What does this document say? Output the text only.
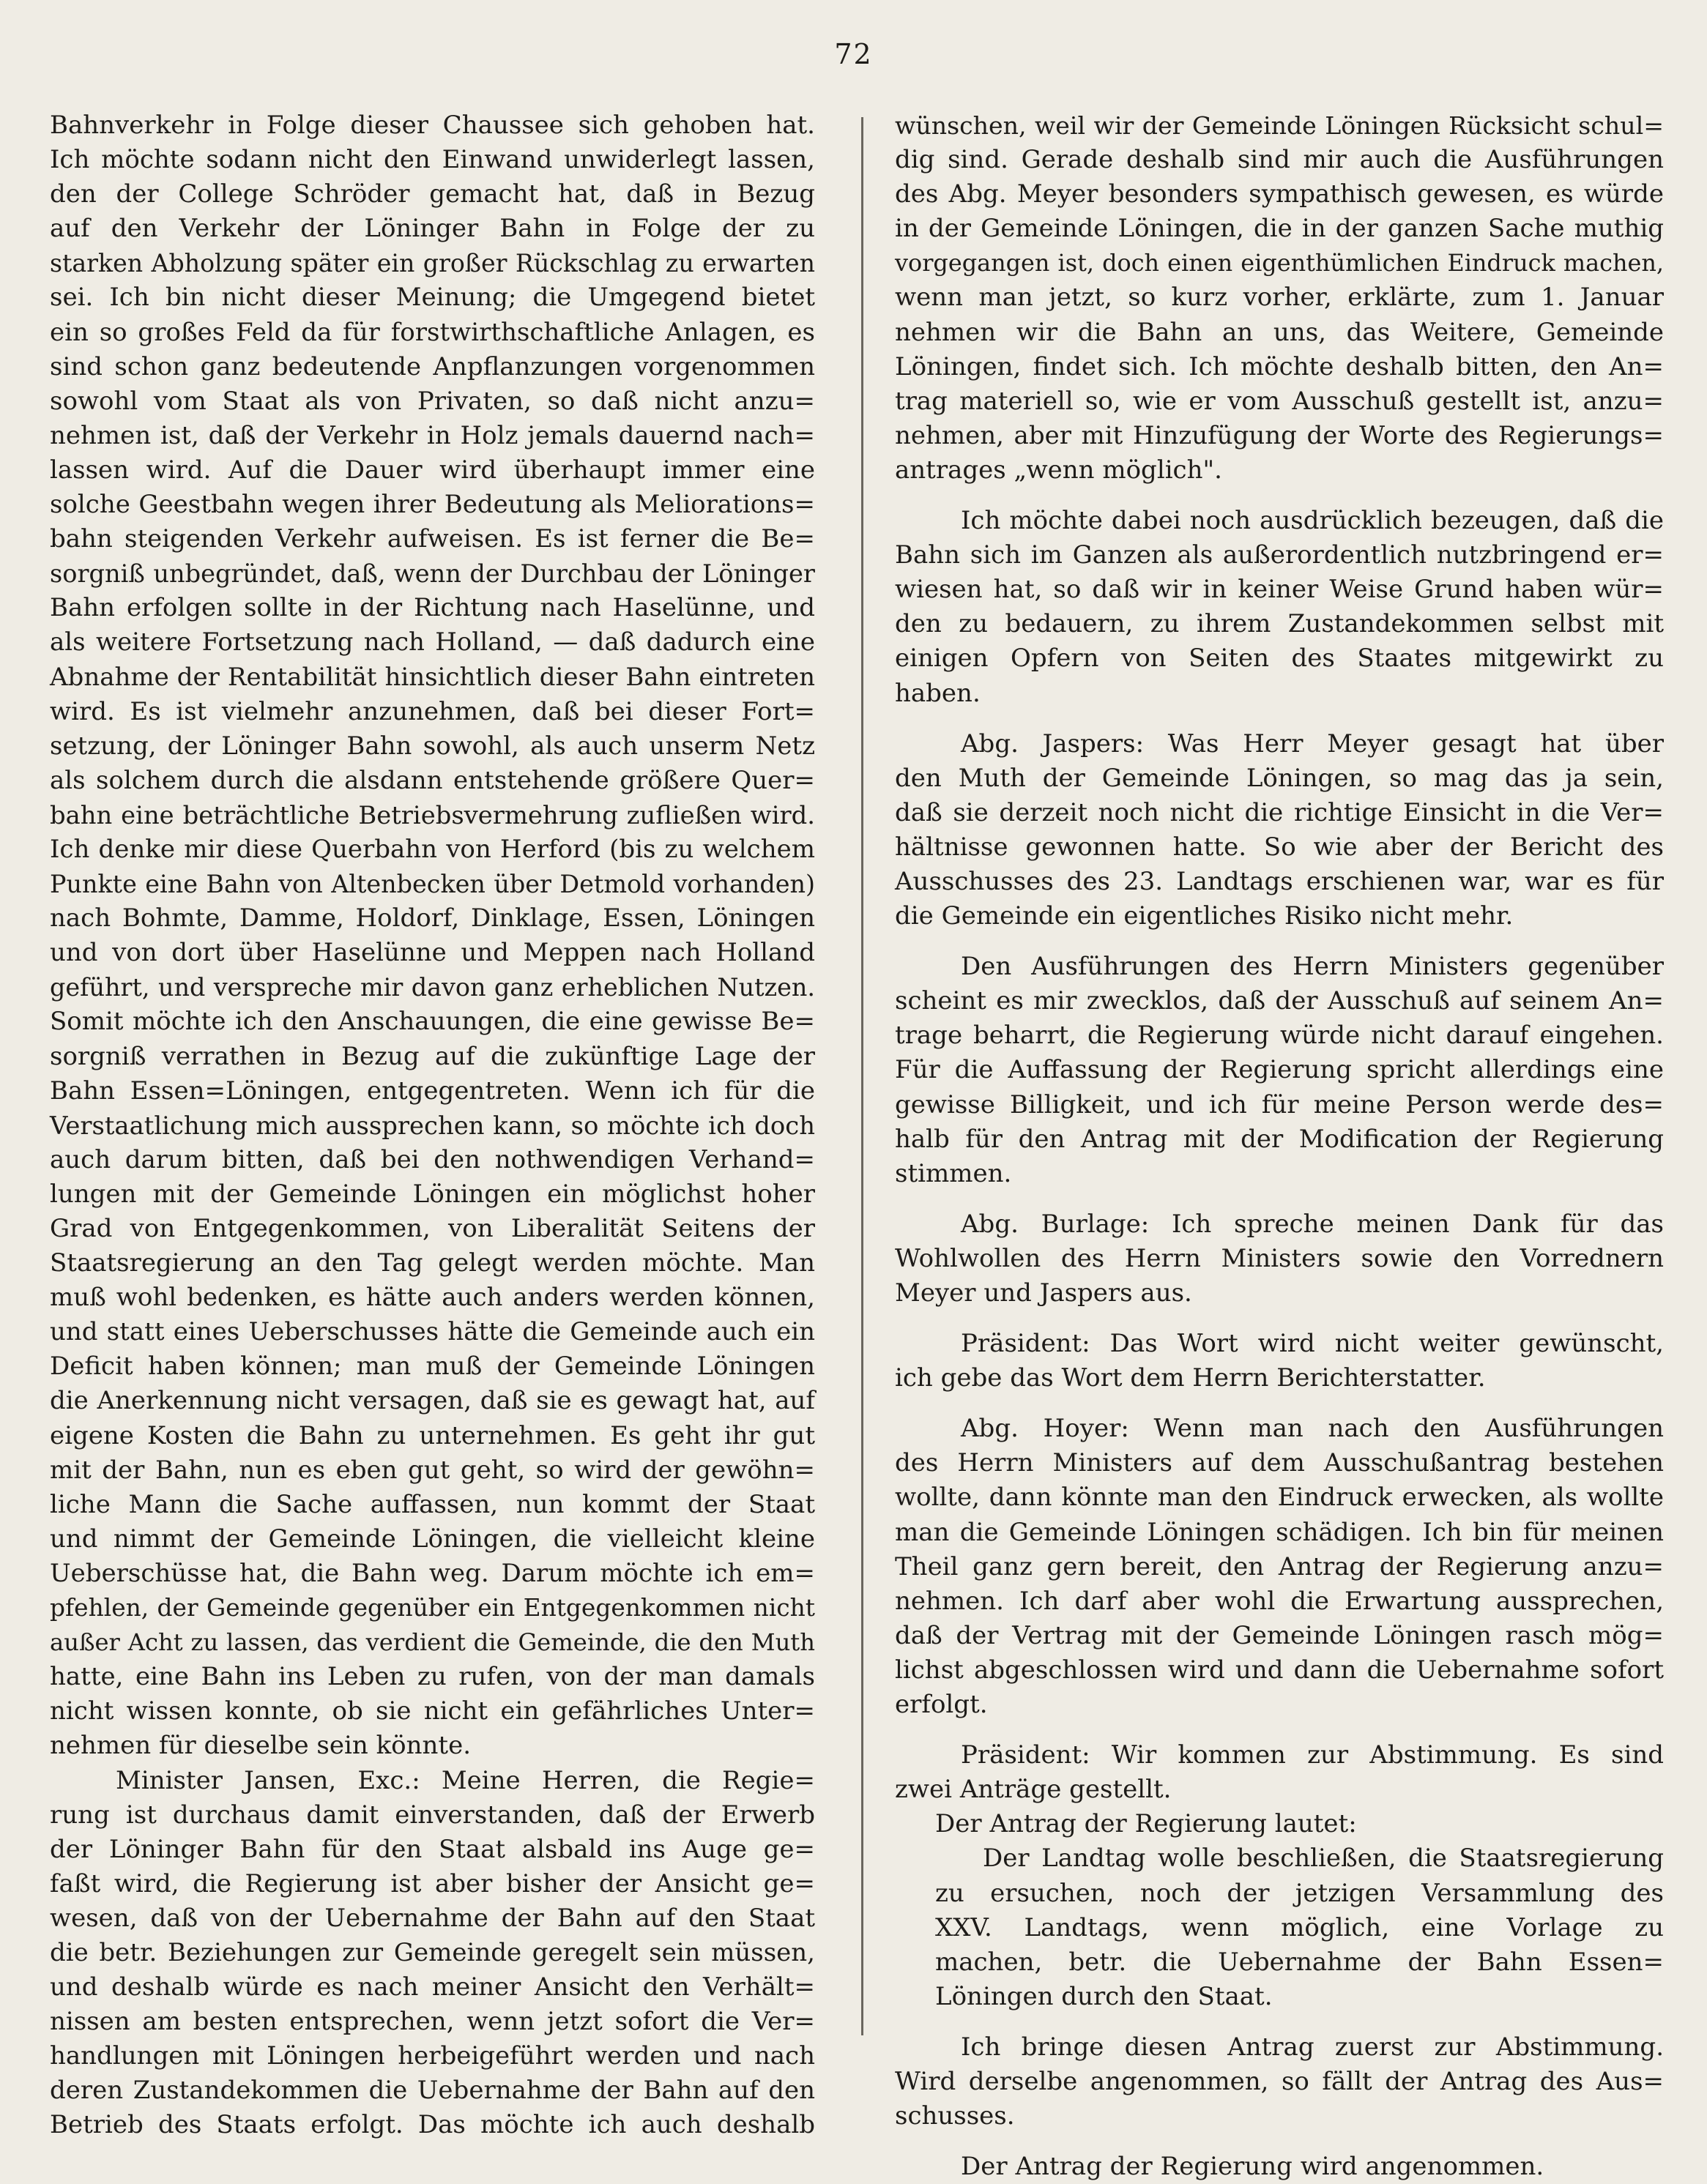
72
Bahnverkehr in Folge dieser Chaussee sich gehoben hat.
Ich möchte sodann nicht den Einwand unwiderlegt lassen,
den der College Schröder gemacht hat, daß in Bezug
auf den Verkehr der Löninger Bahn in Folge der zu
starken Abholzung später ein großer Rückschlag zu erwarten
sei. Ich bin nicht dieser Meinung; die Umgegend bietet
ein so großes Feld da für forstwirthschaftliche Anlagen, es
sind schon ganz bedeutende Anpflanzungen vorgenommen
sowohl vom Staat als von Privaten, so daß nicht anzu=
nehmen ist, daß der Verkehr in Holz jemals dauernd nach=
lassen wird. Auf die Dauer wird überhaupt immer eine
solche Geestbahn wegen ihrer Bedeutung als Meliorations=
bahn steigenden Verkehr aufweisen. Es ist ferner die Be=
sorgniß unbegründet, daß, wenn der Durchbau der Löninger
Bahn erfolgen sollte in der Richtung nach Haselünne, und
als weitere Fortsetzung nach Holland, — daß dadurch eine
Abnahme der Rentabilität hinsichtlich dieser Bahn eintreten
wird. Es ist vielmehr anzunehmen, daß bei dieser Fort=
setzung, der Löninger Bahn sowohl, als auch unserm Netz
als solchem durch die alsdann entstehende größere Quer=
bahn eine beträchtliche Betriebsvermehrung zufließen wird.
Ich denke mir diese Querbahn von Herford (bis zu welchem
Punkte eine Bahn von Altenbecken über Detmold vorhanden)
nach Bohmte, Damme, Holdorf, Dinklage, Essen, Löningen
und von dort über Haselünne und Meppen nach Holland
geführt, und verspreche mir davon ganz erheblichen Nutzen.
Somit möchte ich den Anschauungen, die eine gewisse Be=
sorgniß verrathen in Bezug auf die zukünftige Lage der
Bahn Essen=Löningen, entgegentreten. Wenn ich für die
Verstaatlichung mich aussprechen kann, so möchte ich doch
auch darum bitten, daß bei den nothwendigen Verhand=
lungen mit der Gemeinde Löningen ein möglichst hoher
Grad von Entgegenkommen, von Liberalität Seitens der
Staatsregierung an den Tag gelegt werden möchte. Man
muß wohl bedenken, es hätte auch anders werden können,
und statt eines Ueberschusses hätte die Gemeinde auch ein
Deficit haben können; man muß der Gemeinde Löningen
die Anerkennung nicht versagen, daß sie es gewagt hat, auf
eigene Kosten die Bahn zu unternehmen. Es geht ihr gut
mit der Bahn, nun es eben gut geht, so wird der gewöhn=
liche Mann die Sache auffassen, nun kommt der Staat
und nimmt der Gemeinde Löningen, die vielleicht kleine
Ueberschüsse hat, die Bahn weg. Darum möchte ich em=
pfehlen, der Gemeinde gegenüber ein Entgegenkommen nicht
außer Acht zu lassen, das verdient die Gemeinde, die den Muth
hatte, eine Bahn ins Leben zu rufen, von der man damals
nicht wissen konnte, ob sie nicht ein gefährliches Unter=
nehmen für dieselbe sein könnte.
Minister Jansen, Exc.: Meine Herren, die Regie=
rung ist durchaus damit einverstanden, daß der Erwerb
der Löninger Bahn für den Staat alsbald ins Auge ge=
faßt wird, die Regierung ist aber bisher der Ansicht ge=
wesen, daß von der Uebernahme der Bahn auf den Staat
die betr. Beziehungen zur Gemeinde geregelt sein müssen,
und deshalb würde es nach meiner Ansicht den Verhält=
nissen am besten entsprechen, wenn jetzt sofort die Ver=
handlungen mit Löningen herbeigeführt werden und nach
deren Zustandekommen die Uebernahme der Bahn auf den
Betrieb des Staats erfolgt. Das möchte ich auch deshalb
wünschen, weil wir der Gemeinde Löningen Rücksicht schul=
dig sind. Gerade deshalb sind mir auch die Ausführungen
des Abg. Meyer besonders sympathisch gewesen, es würde
in der Gemeinde Löningen, die in der ganzen Sache muthig
vorgegangen ist, doch einen eigenthümlichen Eindruck machen,
wenn man jetzt, so kurz vorher, erklärte, zum 1. Januar
nehmen wir die Bahn an uns, das Weitere, Gemeinde
Löningen, findet sich. Ich möchte deshalb bitten, den An=
trag materiell so, wie er vom Ausschuß gestellt ist, anzu=
nehmen, aber mit Hinzufügung der Worte des Regierungs=
antrages „wenn möglich".
Ich möchte dabei noch ausdrücklich bezeugen, daß die
Bahn sich im Ganzen als außerordentlich nutzbringend er=
wiesen hat, so daß wir in keiner Weise Grund haben wür=
den zu bedauern, zu ihrem Zustandekommen selbst mit
einigen Opfern von Seiten des Staates mitgewirkt zu
haben.
Abg. Jaspers: Was Herr Meyer gesagt hat über
den Muth der Gemeinde Löningen, so mag das ja sein,
daß sie derzeit noch nicht die richtige Einsicht in die Ver=
hältnisse gewonnen hatte. So wie aber der Bericht des
Ausschusses des 23. Landtags erschienen war, war es für
die Gemeinde ein eigentliches Risiko nicht mehr.
Den Ausführungen des Herrn Ministers gegenüber
scheint es mir zwecklos, daß der Ausschuß auf seinem An=
trage beharrt, die Regierung würde nicht darauf eingehen.
Für die Auffassung der Regierung spricht allerdings eine
gewisse Billigkeit, und ich für meine Person werde des=
halb für den Antrag mit der Modification der Regierung
stimmen.
Abg. Burlage: Ich spreche meinen Dank für das
Wohlwollen des Herrn Ministers sowie den Vorrednern
Meyer und Jaspers aus.
Präsident: Das Wort wird nicht weiter gewünscht,
ich gebe das Wort dem Herrn Berichterstatter.
Abg. Hoyer: Wenn man nach den Ausführungen
des Herrn Ministers auf dem Ausschußantrag bestehen
wollte, dann könnte man den Eindruck erwecken, als wollte
man die Gemeinde Löningen schädigen. Ich bin für meinen
Theil ganz gern bereit, den Antrag der Regierung anzu=
nehmen. Ich darf aber wohl die Erwartung aussprechen,
daß der Vertrag mit der Gemeinde Löningen rasch mög=
lichst abgeschlossen wird und dann die Uebernahme sofort
erfolgt.
Präsident: Wir kommen zur Abstimmung. Es sind
zwei Anträge gestellt.
Der Antrag der Regierung lautet:
Der Landtag wolle beschließen, die Staatsregierung
zu ersuchen, noch der jetzigen Versammlung des
XXV. Landtags, wenn möglich, eine Vorlage zu
machen, betr. die Uebernahme der Bahn Essen=
Löningen durch den Staat.
Ich bringe diesen Antrag zuerst zur Abstimmung.
Wird derselbe angenommen, so fällt der Antrag des Aus=
schusses.
Der Antrag der Regierung wird angenommen.
